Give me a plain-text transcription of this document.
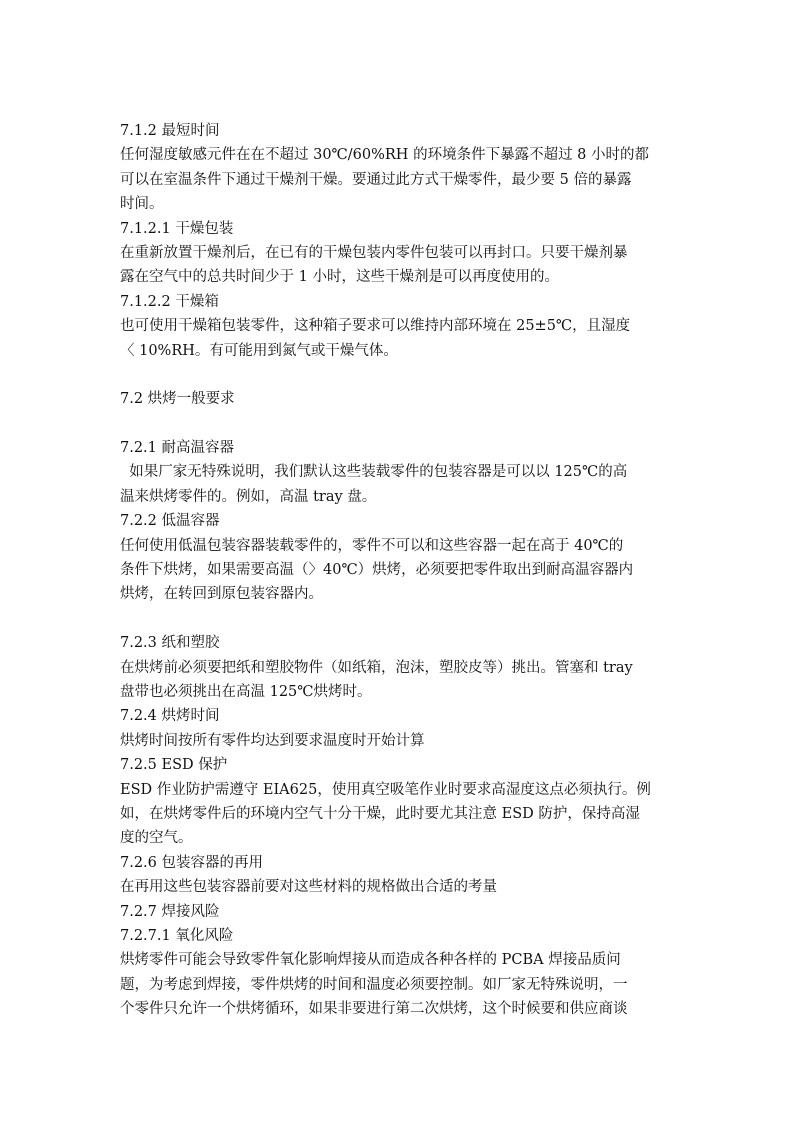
7.1.2 最短时间
任何湿度敏感元件在在不超过 30℃/60%RH 的环境条件下暴露不超过 8 小时的都
可以在室温条件下通过干燥剂干燥。要通过此方式干燥零件，最少要 5 倍的暴露
时间。
7.1.2.1 干燥包装
在重新放置干燥剂后，在已有的干燥包装内零件包装可以再封口。只要干燥剂暴
露在空气中的总共时间少于 1 小时，这些干燥剂是可以再度使用的。
7.1.2.2 干燥箱
也可使用干燥箱包装零件，这种箱子要求可以维持内部环境在 25±5℃，且湿度
〈 10%RH。有可能用到氮气或干燥气体。
7.2 烘烤一般要求
7.2.1 耐高温容器
如果厂家无特殊说明，我们默认这些装载零件的包装容器是可以以 125℃的高
温来烘烤零件的。例如，高温 tray 盘。
7.2.2 低温容器
任何使用低温包装容器装载零件的，零件不可以和这些容器一起在高于 40℃的
条件下烘烤，如果需要高温（〉40℃）烘烤，必须要把零件取出到耐高温容器内
烘烤，在转回到原包装容器内。
7.2.3 纸和塑胶
在烘烤前必须要把纸和塑胶物件（如纸箱，泡沫，塑胶皮等）挑出。管塞和 tray
盘带也必须挑出在高温 125℃烘烤时。
7.2.4 烘烤时间
烘烤时间按所有零件均达到要求温度时开始计算
7.2.5 ESD 保护
ESD 作业防护需遵守 EIA625，使用真空吸笔作业时要求高湿度这点必须执行。例
如，在烘烤零件后的环境内空气十分干燥，此时要尤其注意 ESD 防护，保持高湿
度的空气。
7.2.6 包装容器的再用
在再用这些包装容器前要对这些材料的规格做出合适的考量
7.2.7 焊接风险
7.2.7.1 氧化风险
烘烤零件可能会导致零件氧化影响焊接从而造成各种各样的 PCBA 焊接品质问
题，为考虑到焊接，零件烘烤的时间和温度必须要控制。如厂家无特殊说明，一
个零件只允许一个烘烤循环，如果非要进行第二次烘烤，这个时候要和供应商谈
